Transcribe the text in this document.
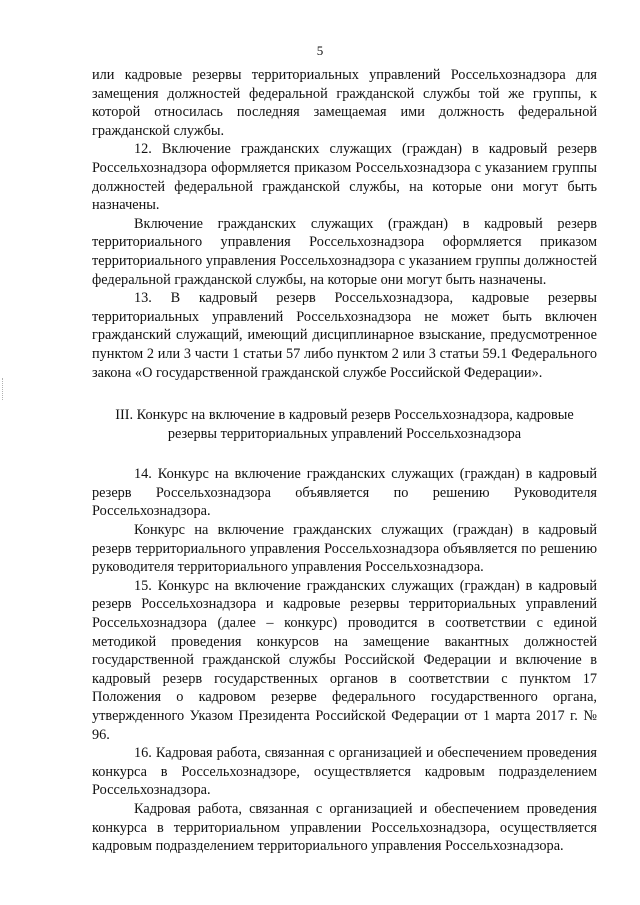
5

или кадровые резервы территориальных управлений Россельхознадзора для замещения должностей федеральной гражданской службы той же группы, к которой относилась последняя замещаемая ими должность федеральной гражданской службы.

12. Включение гражданских служащих (граждан) в кадровый резерв Россельхознадзора оформляется приказом Россельхознадзора с указанием группы должностей федеральной гражданской службы, на которые они могут быть назначены.

Включение гражданских служащих (граждан) в кадровый резерв территориального управления Россельхознадзора оформляется приказом территориального управления Россельхознадзора с указанием группы должностей федеральной гражданской службы, на которые они могут быть назначены.

13. В кадровый резерв Россельхознадзора, кадровые резервы территориальных управлений Россельхознадзора не может быть включен гражданский служащий, имеющий дисциплинарное взыскание, предусмотренное пунктом 2 или 3 части 1 статьи 57 либо пунктом 2 или 3 статьи 59.1 Федерального закона «О государственной гражданской службе Российской Федерации».

III. Конкурс на включение в кадровый резерв Россельхознадзора, кадровые
резервы территориальных управлений Россельхознадзора

14. Конкурс на включение гражданских служащих (граждан) в кадровый резерв Россельхознадзора объявляется по решению Руководителя Россельхознадзора.

Конкурс на включение гражданских служащих (граждан) в кадровый резерв территориального управления Россельхознадзора объявляется по решению руководителя территориального управления Россельхознадзора.

15. Конкурс на включение гражданских служащих (граждан) в кадровый резерв Россельхознадзора и кадровые резервы территориальных управлений Россельхознадзора (далее – конкурс) проводится в соответствии с единой методикой проведения конкурсов на замещение вакантных должностей государственной гражданской службы Российской Федерации и включение в кадровый резерв государственных органов в соответствии с пунктом 17 Положения о кадровом резерве федерального государственного органа, утвержденного Указом Президента Российской Федерации от 1 марта 2017 г. № 96.

16. Кадровая работа, связанная с организацией и обеспечением проведения конкурса в Россельхознадзоре, осуществляется кадровым подразделением Россельхознадзора.

Кадровая работа, связанная с организацией и обеспечением проведения конкурса в территориальном управлении Россельхознадзора, осуществляется кадровым подразделением территориального управления Россельхознадзора.
